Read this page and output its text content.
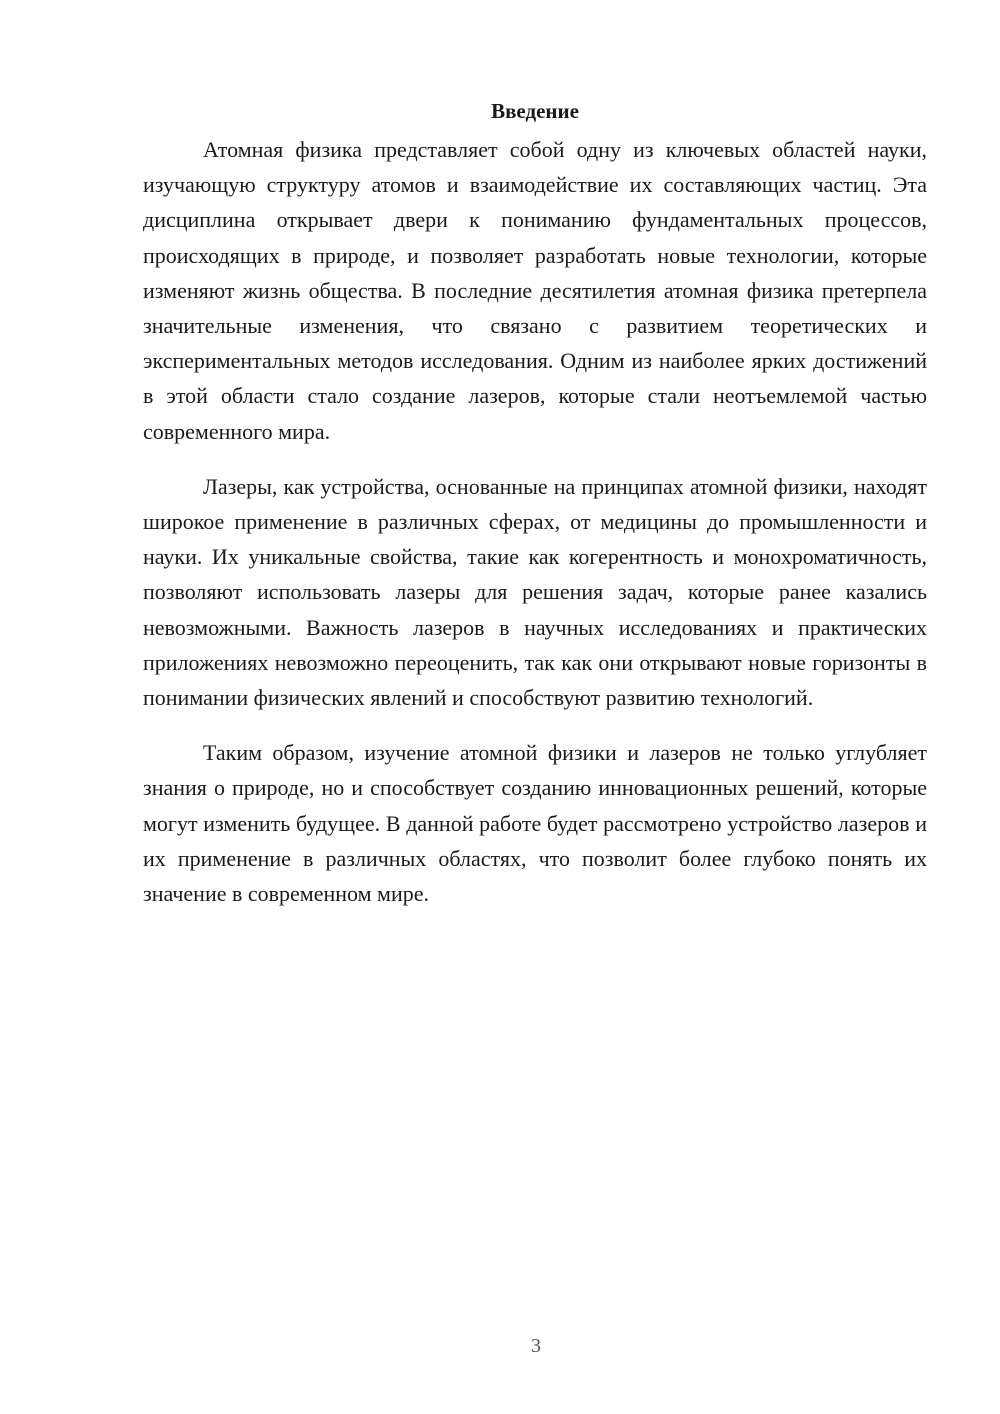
Введение

Атомная физика представляет собой одну из ключевых областей науки, изучающую структуру атомов и взаимодействие их составляющих частиц. Эта дисциплина открывает двери к пониманию фундаментальных процессов, происходящих в природе, и позволяет разработать новые технологии, которые изменяют жизнь общества. В последние десятилетия атомная физика претерпела значительные изменения, что связано с развитием теоретических и экспериментальных методов исследования. Одним из наиболее ярких достижений в этой области стало создание лазеров, которые стали неотъемлемой частью современного мира.

Лазеры, как устройства, основанные на принципах атомной физики, находят широкое применение в различных сферах, от медицины до промышленности и науки. Их уникальные свойства, такие как когерентность и монохроматичность, позволяют использовать лазеры для решения задач, которые ранее казались невозможными. Важность лазеров в научных исследованиях и практических приложениях невозможно переоценить, так как они открывают новые горизонты в понимании физических явлений и способствуют развитию технологий.

Таким образом, изучение атомной физики и лазеров не только углубляет знания о природе, но и способствует созданию инновационных решений, которые могут изменить будущее. В данной работе будет рассмотрено устройство лазеров и их применение в различных областях, что позволит более глубоко понять их значение в современном мире.

3
